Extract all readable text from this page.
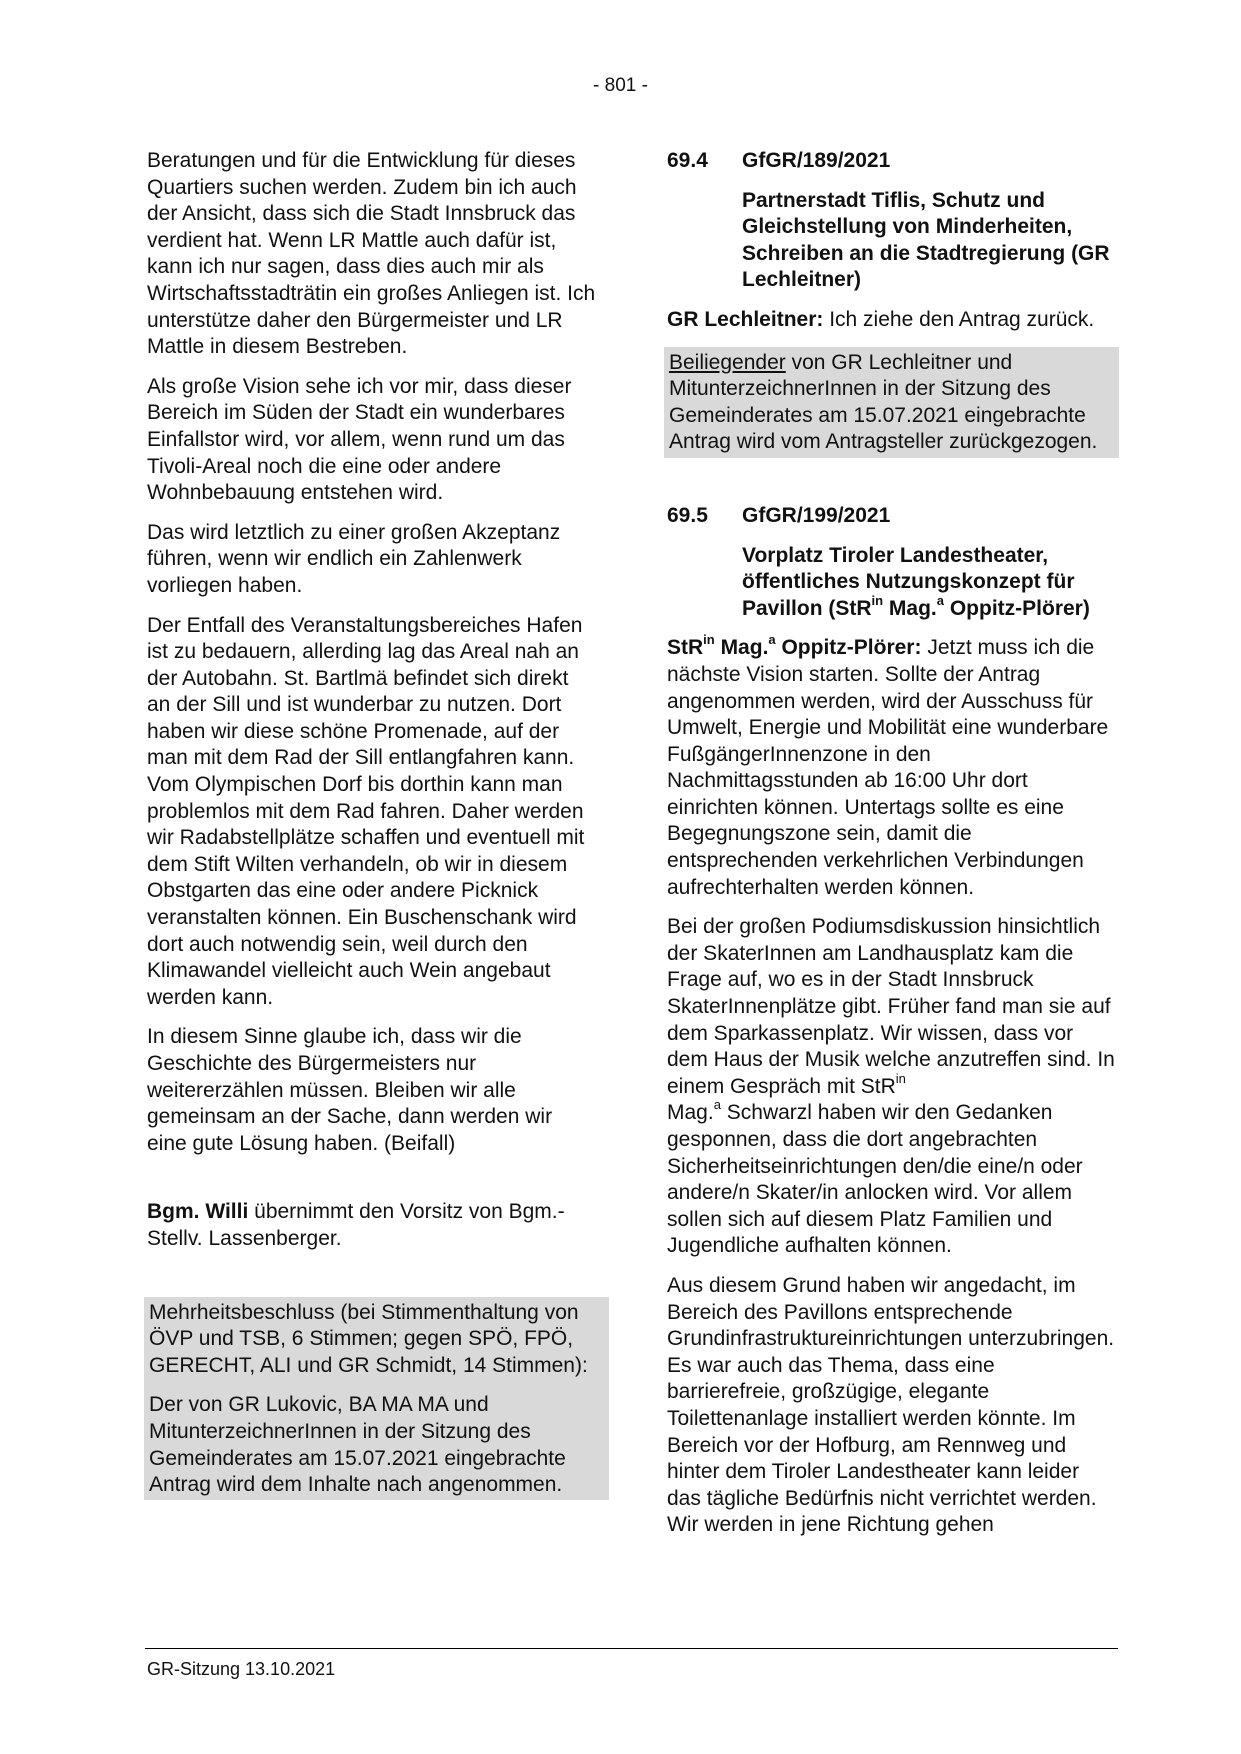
- 801 -

Beratungen und für die Entwicklung für dieses Quartiers suchen werden. Zudem bin ich auch der Ansicht, dass sich die Stadt Innsbruck das verdient hat. Wenn LR Mattle auch dafür ist, kann ich nur sagen, dass dies auch mir als Wirtschaftsstadträtin ein großes Anliegen ist. Ich unterstütze daher den Bürgermeister und LR Mattle in diesem Bestreben.

Als große Vision sehe ich vor mir, dass dieser Bereich im Süden der Stadt ein wunderbares Einfallstor wird, vor allem, wenn rund um das Tivoli-Areal noch die eine oder andere Wohnbebauung entstehen wird.

Das wird letztlich zu einer großen Akzeptanz führen, wenn wir endlich ein Zahlenwerk vorliegen haben.

Der Entfall des Veranstaltungsbereiches Hafen ist zu bedauern, allerding lag das Areal nah an der Autobahn. St. Bartlmä befindet sich direkt an der Sill und ist wunderbar zu nutzen. Dort haben wir diese schöne Promenade, auf der man mit dem Rad der Sill entlangfahren kann. Vom Olympischen Dorf bis dorthin kann man problemlos mit dem Rad fahren. Daher werden wir Radabstellplätze schaffen und eventuell mit dem Stift Wilten verhandeln, ob wir in diesem Obstgarten das eine oder andere Picknick veranstalten können. Ein Buschenschank wird dort auch notwendig sein, weil durch den Klimawandel vielleicht auch Wein angebaut werden kann.

In diesem Sinne glaube ich, dass wir die Geschichte des Bürgermeisters nur weitererzählen müssen. Bleiben wir alle gemeinsam an der Sache, dann werden wir eine gute Lösung haben. (Beifall)

Bgm. Willi übernimmt den Vorsitz von Bgm.-Stellv. Lassenberger.

Mehrheitsbeschluss (bei Stimmenthaltung von ÖVP und TSB, 6 Stimmen; gegen SPÖ, FPÖ, GERECHT, ALI und GR Schmidt, 14 Stimmen):

Der von GR Lukovic, BA MA MA und MitunterzeichnerInnen in der Sitzung des Gemeinderates am 15.07.2021 eingebrachte Antrag wird dem Inhalte nach angenommen.

69.4	GfGR/189/2021

Partnerstadt Tiflis, Schutz und Gleichstellung von Minderheiten, Schreiben an die Stadtregierung (GR Lechleitner)

GR Lechleitner: Ich ziehe den Antrag zurück.

Beiliegender von GR Lechleitner und MitunterzeichnerInnen in der Sitzung des Gemeinderates am 15.07.2021 eingebrachte Antrag wird vom Antragsteller zurückgezogen.

69.5	GfGR/199/2021

Vorplatz Tiroler Landestheater, öffentliches Nutzungskonzept für Pavillon (StR$^{in}$ Mag.$^a$ Oppitz-Plörer)

StR$^{in}$ Mag.$^a$ Oppitz-Plörer: Jetzt muss ich die nächste Vision starten. Sollte der Antrag angenommen werden, wird der Ausschuss für Umwelt, Energie und Mobilität eine wunderbare FußgängerInnenzone in den Nachmittagsstunden ab 16:00 Uhr dort einrichten können. Untertags sollte es eine Begegnungszone sein, damit die entsprechenden verkehrlichen Verbindungen aufrechterhalten werden können.

Bei der großen Podiumsdiskussion hinsichtlich der SkaterInnen am Landhausplatz kam die Frage auf, wo es in der Stadt Innsbruck SkaterInnenplätze gibt. Früher fand man sie auf dem Sparkassenplatz. Wir wissen, dass vor dem Haus der Musik welche anzutreffen sind. In einem Gespräch mit StR$^{in}$
Mag.$^a$ Schwarzl haben wir den Gedanken gesponnen, dass die dort angebrachten Sicherheitseinrichtungen den/die eine/n oder andere/n Skater/in anlocken wird. Vor allem sollen sich auf diesem Platz Familien und Jugendliche aufhalten können.

Aus diesem Grund haben wir angedacht, im Bereich des Pavillons entsprechende Grundinfrastruktureinrichtungen unterzubringen. Es war auch das Thema, dass eine barrierefreie, großzügige, elegante Toilettenanlage installiert werden könnte. Im Bereich vor der Hofburg, am Rennweg und hinter dem Tiroler Landestheater kann leider das tägliche Bedürfnis nicht verrichtet werden. Wir werden in jene Richtung gehen

GR-Sitzung 13.10.2021
